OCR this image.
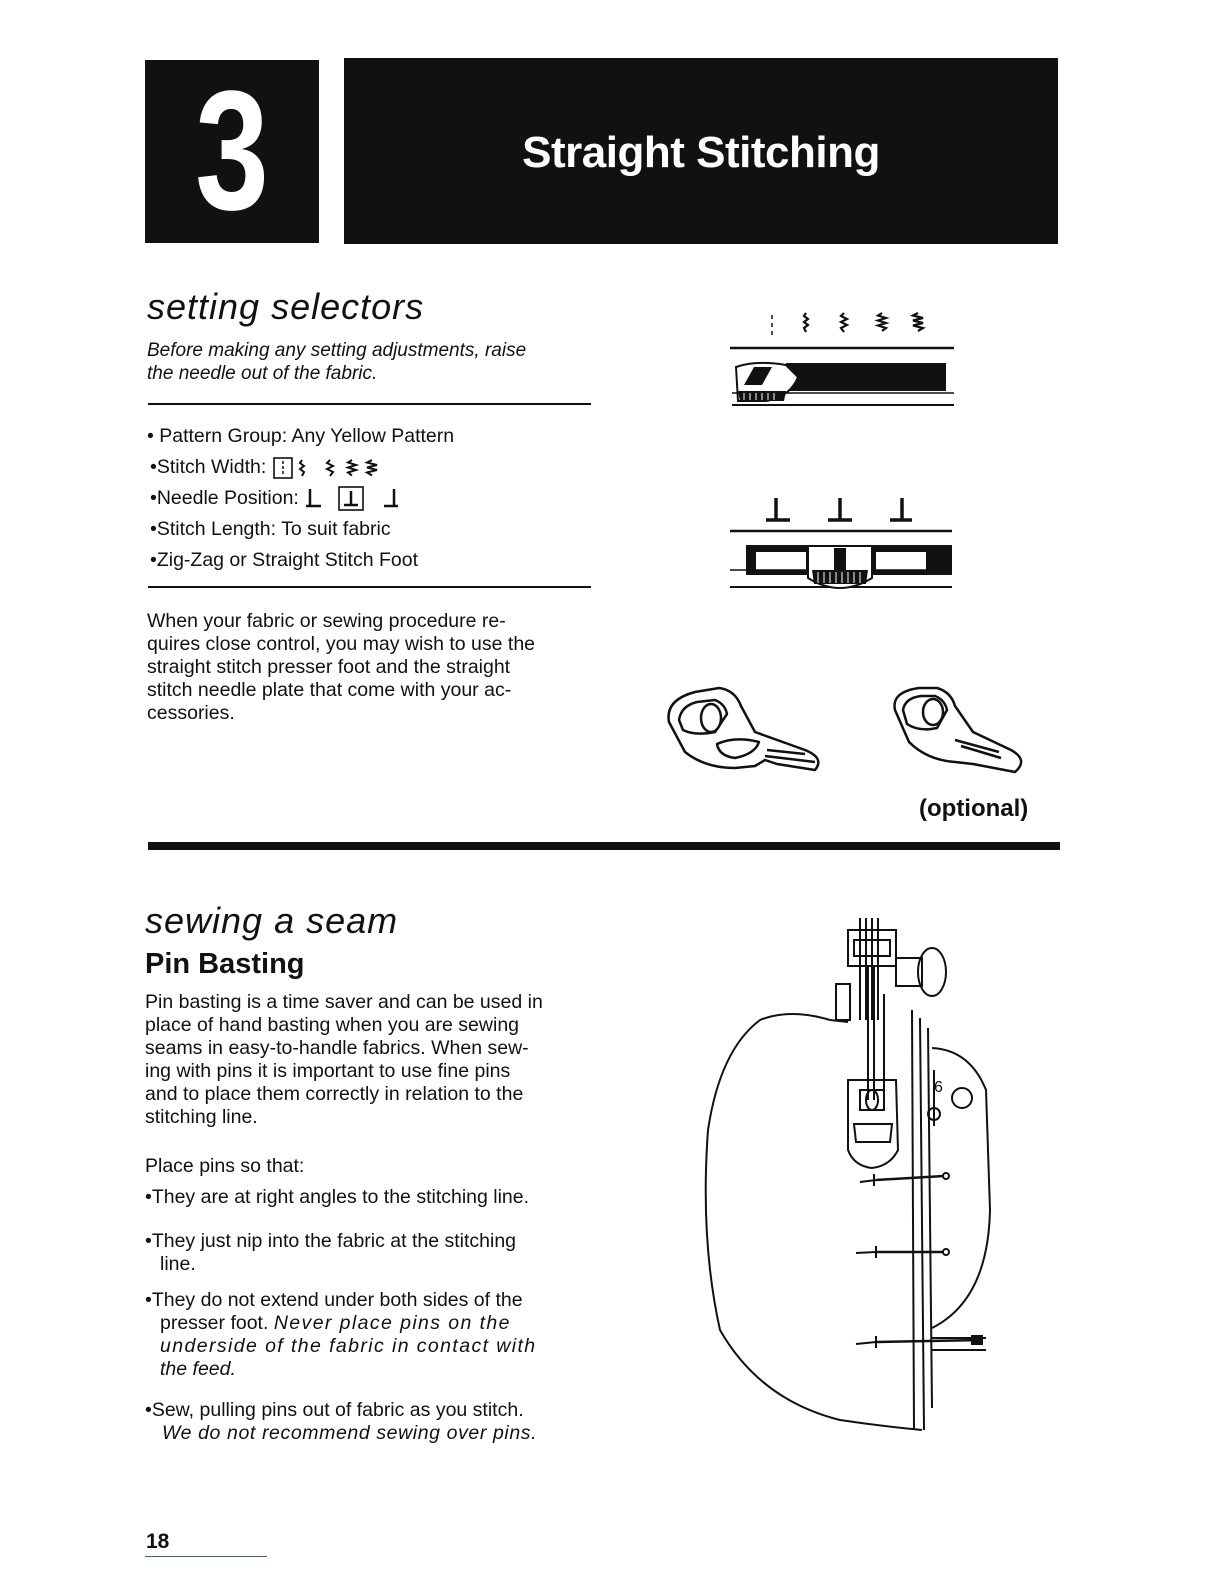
3	Straight Stitching
setting selectors
Before making any setting adjustments, raise
the needle out of the fabric.
• Pattern Group: Any Yellow Pattern
•Stitch Width:
•Needle Position:
•Stitch Length: To suit fabric
•Zig-Zag or Straight Stitch Foot
When your fabric or sewing procedure re-
quires close control, you may wish to use the
straight stitch presser foot and the straight
stitch needle plate that come with your ac-
cessories.
(optional)
sewing a seam
Pin Basting
Pin basting is a time saver and can be used in
place of hand basting when you are sewing
seams in easy-to-handle fabrics. When sew-
ing with pins it is important to use fine pins
and to place them correctly in relation to the
stitching line.
Place pins so that:
•They are at right angles to the stitching line.
•They just nip into the fabric at the stitching
line.
•They do not extend under both sides of the
presser foot. Never place pins on the
underside of the fabric in contact with
the feed.
•Sew, pulling pins out of fabric as you stitch.
We do not recommend sewing over pins.
6
18
